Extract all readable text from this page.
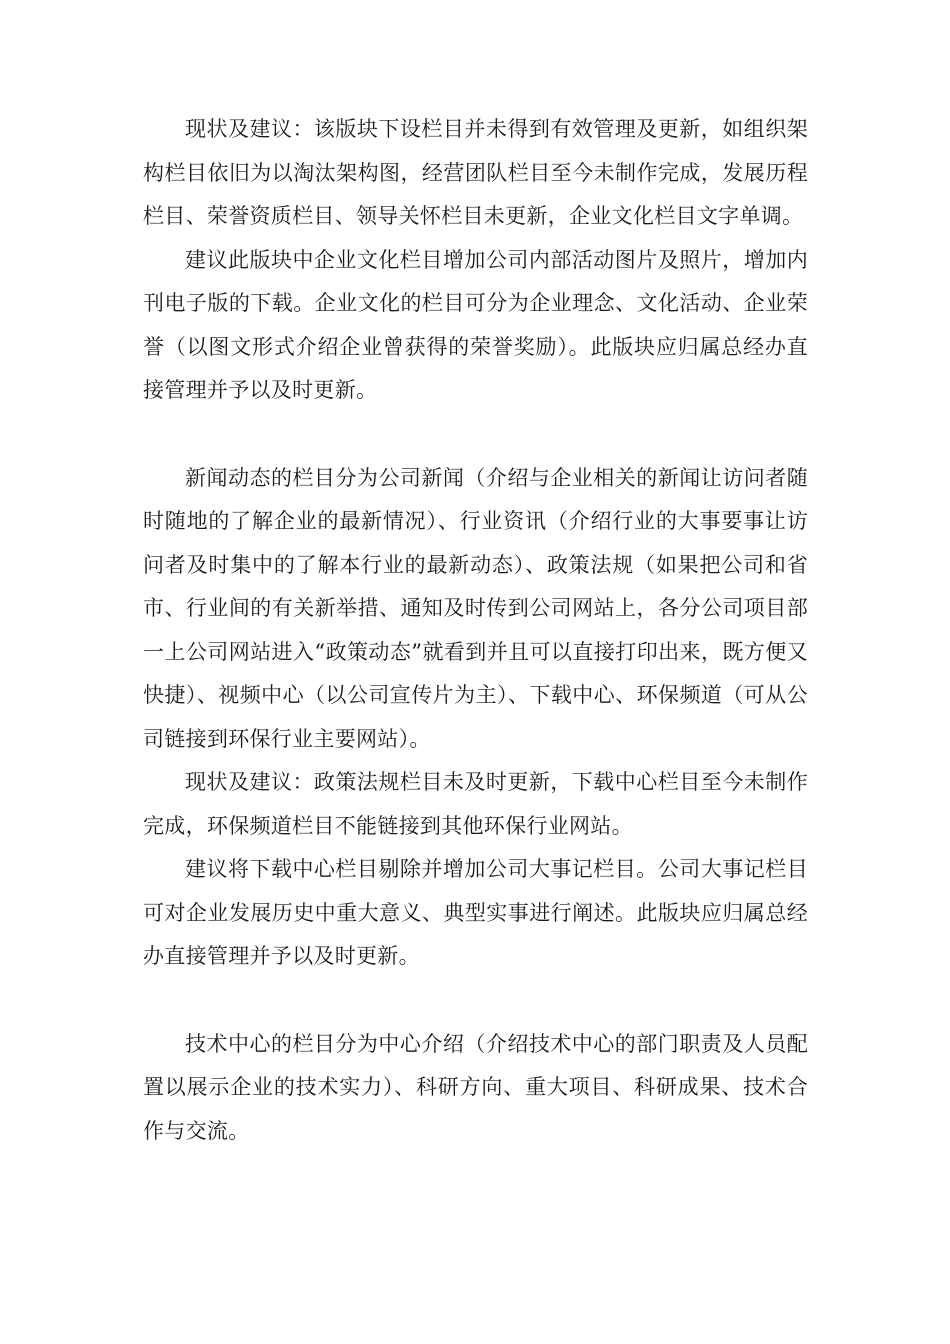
现状及建议：该版块下设栏目并未得到有效管理及更新，如组织架构栏目依旧为以淘汰架构图，经营团队栏目至今未制作完成，发展历程栏目、荣誉资质栏目、领导关怀栏目未更新，企业文化栏目文字单调。

建议此版块中企业文化栏目增加公司内部活动图片及照片，增加内刊电子版的下载。企业文化的栏目可分为企业理念、文化活动、企业荣誉（以图文形式介绍企业曾获得的荣誉奖励）。此版块应归属总经办直接管理并予以及时更新。

新闻动态的栏目分为公司新闻（介绍与企业相关的新闻让访问者随时随地的了解企业的最新情况）、行业资讯（介绍行业的大事要事让访问者及时集中的了解本行业的最新动态）、政策法规（如果把公司和省市、行业间的有关新举措、通知及时传到公司网站上，各分公司项目部一上公司网站进入“政策动态”就看到并且可以直接打印出来，既方便又快捷）、视频中心（以公司宣传片为主）、下载中心、环保频道（可从公司链接到环保行业主要网站）。

现状及建议：政策法规栏目未及时更新，下载中心栏目至今未制作完成，环保频道栏目不能链接到其他环保行业网站。

建议将下载中心栏目剔除并增加公司大事记栏目。公司大事记栏目可对企业发展历史中重大意义、典型实事进行阐述。此版块应归属总经办直接管理并予以及时更新。

技术中心的栏目分为中心介绍（介绍技术中心的部门职责及人员配置以展示企业的技术实力）、科研方向、重大项目、科研成果、技术合作与交流。
